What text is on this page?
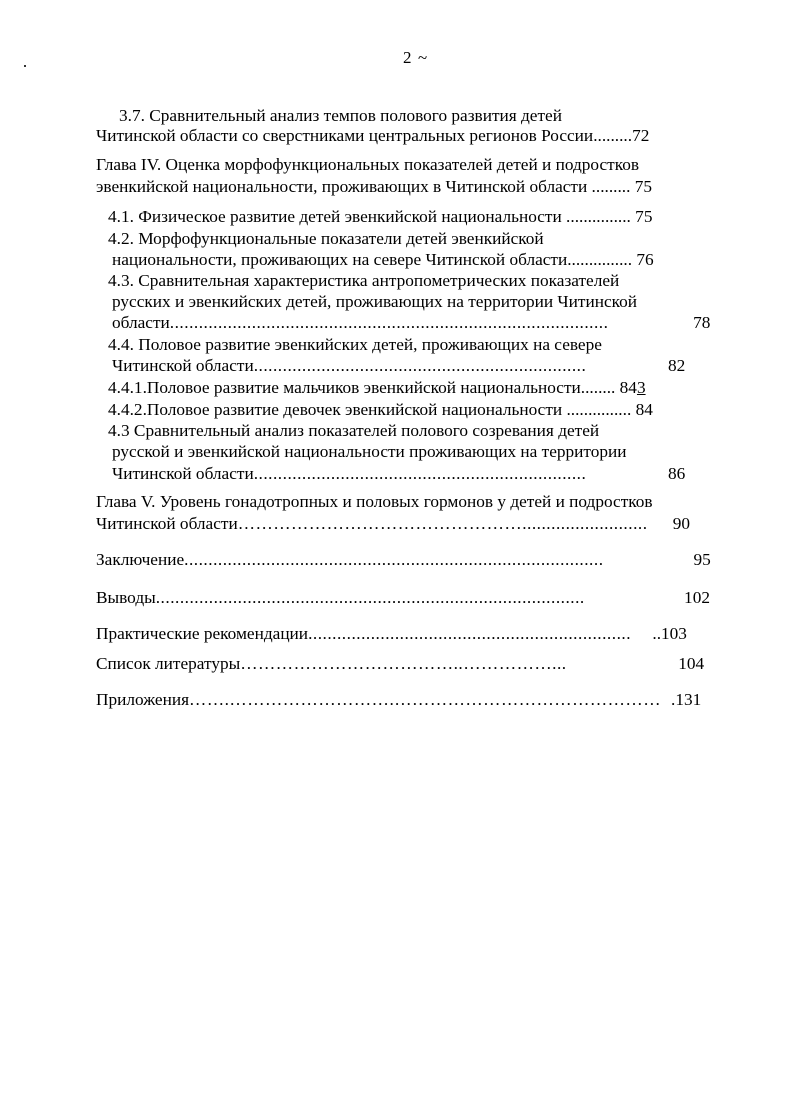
2 ~
3.7. Сравнительный анализ темпов полового развития детей
Читинской области со сверстниками центральных регионов России.........72
Глава IV. Оценка морфофункциональных показателей детей и подростков
эвенкийской национальности, проживающих в Читинской области ......... 75
4.1. Физическое развитие детей эвенкийской национальности ............... 75
4.2. Морфофункциональные показатели детей эвенкийской
национальности, проживающих на севере Читинской области............... 76
4.3. Сравнительная характеристика антропометрических показателей
русских и эвенкийских детей, проживающих на территории Читинской
области...........................................................................................	78
4.4. Половое развитие эвенкийских детей, проживающих на севере
Читинской области.....................................................................	82
4.4.1.Половое развитие мальчиков эвенкийской национальности........ 843
4.4.2.Половое развитие девочек эвенкийской национальности ............... 84
4.3 Сравнительный анализ показателей полового созревания детей
русской и эвенкийской национальности проживающих на территории
Читинской области.....................................................................	86
Глава V. Уровень гонадотропных и половых гормонов у детей и подростков
Читинской области………………………………………….......................... 90
Заключение.......................................................................................	95
Выводы.........................................................................................	102
Практические рекомендации................................................................... ..103
Список литературы………………………………..……………...	104
Приложения…….……………………….……………………………………… .131
